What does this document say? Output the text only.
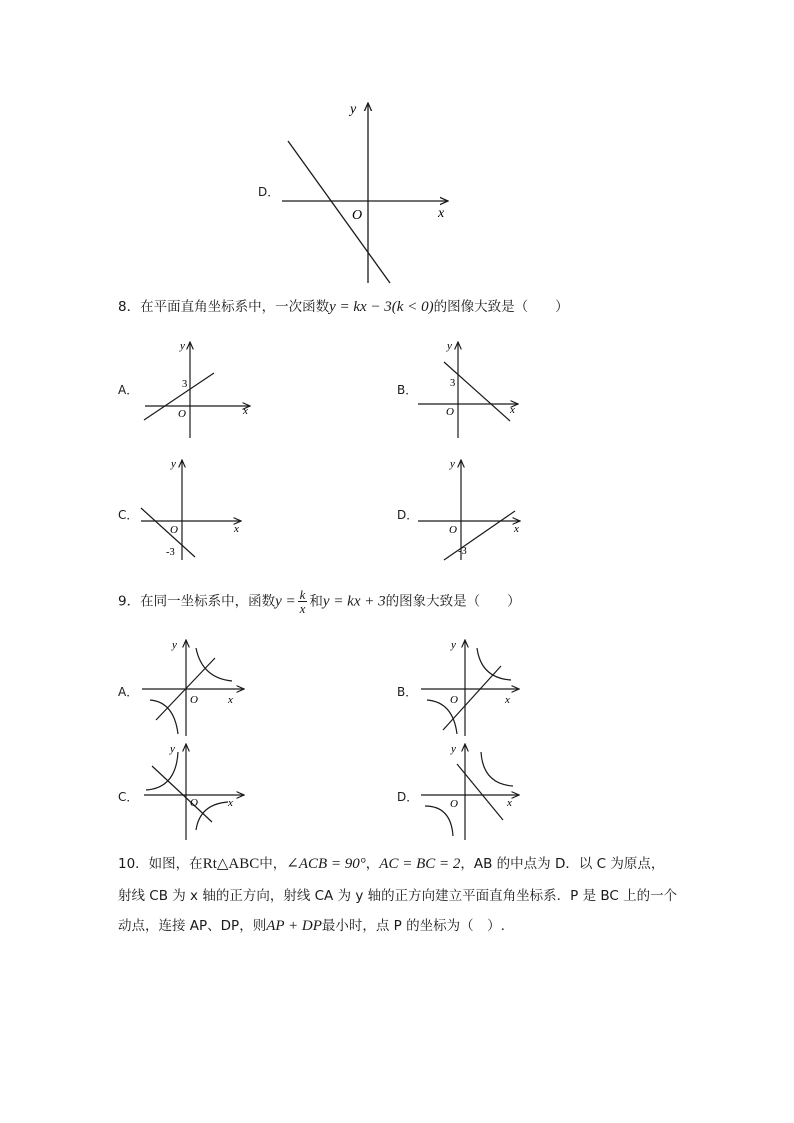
D．
y
x
O
8．在平面直角坐标系中，一次函数y = kx − 3(k < 0)的图像大致是（　　）
A．
y
x
O
3	B．
y
x
O
3
C．
y
x
O
-3
D．
y
x
O
-3
9．在同一坐标系中，函数$y = \frac{k}{x}$ 和y = kx + 3的图象大致是（　　）
A．
y
x
O
B．
y
x
O
C．
y
x
O	D．
y
x
O
10．如图，在Rt△ABC中，∠ACB = 90°，AC = BC = 2，AB 的中点为 D．以 C 为原点，
射线 CB 为 x 轴的正方向，射线 CA 为 y 轴的正方向建立平面直角坐标系．P 是 BC 上的一个
动点，连接 AP、DP，则AP + DP最小时，点 P 的坐标为（　）.
